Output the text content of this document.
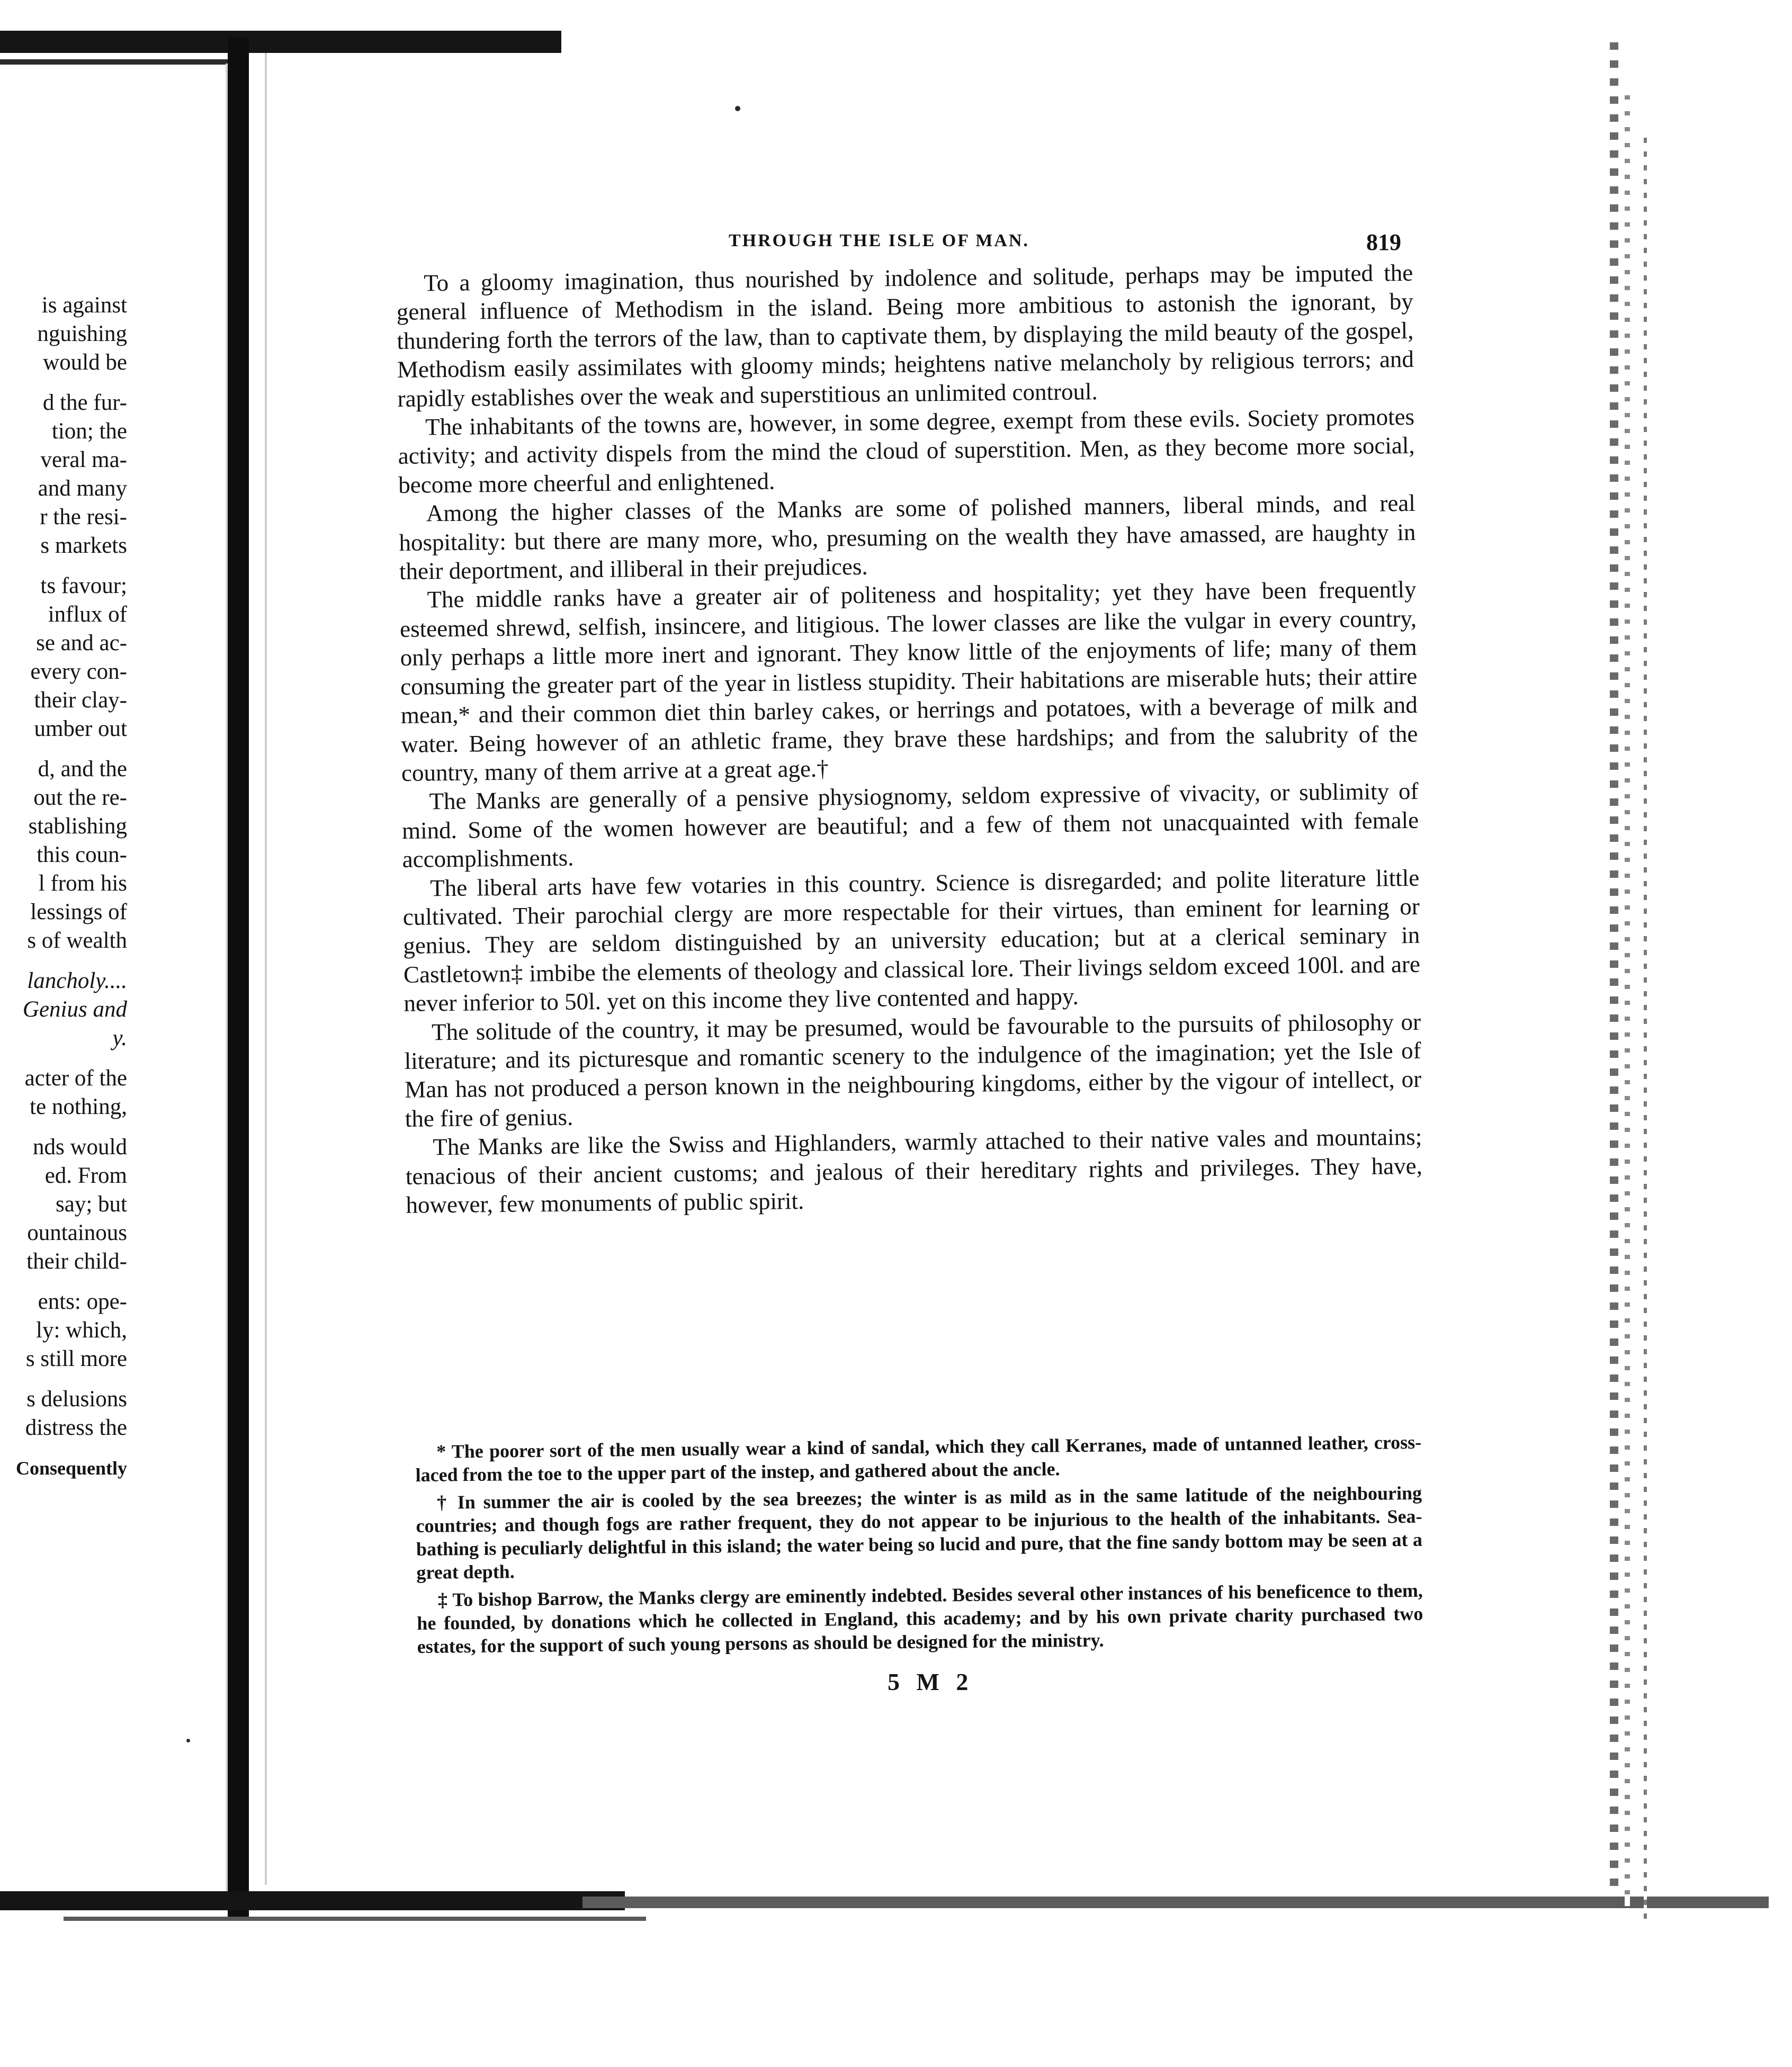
is against
nguishing
would be
d the fur-
tion; the
veral ma-
and many
r the resi-
s markets
ts favour;
influx of
se and ac-
every con-
their clay-
umber out
d, and the
out the re-
stablishing
this coun-
l from his
lessings of
s of wealth
lancholy....
Genius and
y.
acter of the
te nothing,
nds would
ed. From
say; but
ountainous
their child-
ents: ope-
ly: which,
s still more
s delusions
distress the
Consequently
THROUGH THE ISLE OF MAN.	819

To a gloomy imagination, thus nourished by indolence and solitude, perhaps may be imputed the general influence of Methodism in the island. Being more ambitious to astonish the ignorant, by thundering forth the terrors of the law, than to captivate them, by displaying the mild beauty of the gospel, Methodism easily assimilates with gloomy minds; heightens native melancholy by religious terrors; and rapidly establishes over the weak and superstitious an unlimited controul.

The inhabitants of the towns are, however, in some degree, exempt from these evils. Society promotes activity; and activity dispels from the mind the cloud of superstition. Men, as they become more social, become more cheerful and enlightened.

Among the higher classes of the Manks are some of polished manners, liberal minds, and real hospitality: but there are many more, who, presuming on the wealth they have amassed, are haughty in their deportment, and illiberal in their prejudices.

The middle ranks have a greater air of politeness and hospitality; yet they have been frequently esteemed shrewd, selfish, insincere, and litigious. The lower classes are like the vulgar in every country, only perhaps a little more inert and ignorant. They know little of the enjoyments of life; many of them consuming the greater part of the year in listless stupidity. Their habitations are miserable huts; their attire mean,* and their common diet thin barley cakes, or herrings and potatoes, with a beverage of milk and water. Being however of an athletic frame, they brave these hardships; and from the salubrity of the country, many of them arrive at a great age.†

The Manks are generally of a pensive physiognomy, seldom expressive of vivacity, or sublimity of mind. Some of the women however are beautiful; and a few of them not unacquainted with female accomplishments.

The liberal arts have few votaries in this country. Science is disregarded; and polite literature little cultivated. Their parochial clergy are more respectable for their virtues, than eminent for learning or genius. They are seldom distinguished by an university education; but at a clerical seminary in Castletown‡ imbibe the elements of theology and classical lore. Their livings seldom exceed 100l. and are never inferior to 50l. yet on this income they live contented and happy.

The solitude of the country, it may be presumed, would be favourable to the pursuits of philosophy or literature; and its picturesque and romantic scenery to the indulgence of the imagination; yet the Isle of Man has not produced a person known in the neighbouring kingdoms, either by the vigour of intellect, or the fire of genius.

The Manks are like the Swiss and Highlanders, warmly attached to their native vales and mountains; tenacious of their ancient customs; and jealous of their hereditary rights and privileges. They have, however, few monuments of public spirit.

* The poorer sort of the men usually wear a kind of sandal, which they call Kerranes, made of untanned leather, cross-laced from the toe to the upper part of the instep, and gathered about the ancle.

† In summer the air is cooled by the sea breezes; the winter is as mild as in the same latitude of the neighbouring countries; and though fogs are rather frequent, they do not appear to be injurious to the health of the inhabitants. Sea-bathing is peculiarly delightful in this island; the water being so lucid and pure, that the fine sandy bottom may be seen at a great depth.

‡ To bishop Barrow, the Manks clergy are eminently indebted. Besides several other instances of his beneficence to them, he founded, by donations which he collected in England, this academy; and by his own private charity purchased two estates, for the support of such young persons as should be designed for the ministry.

5 M 2
